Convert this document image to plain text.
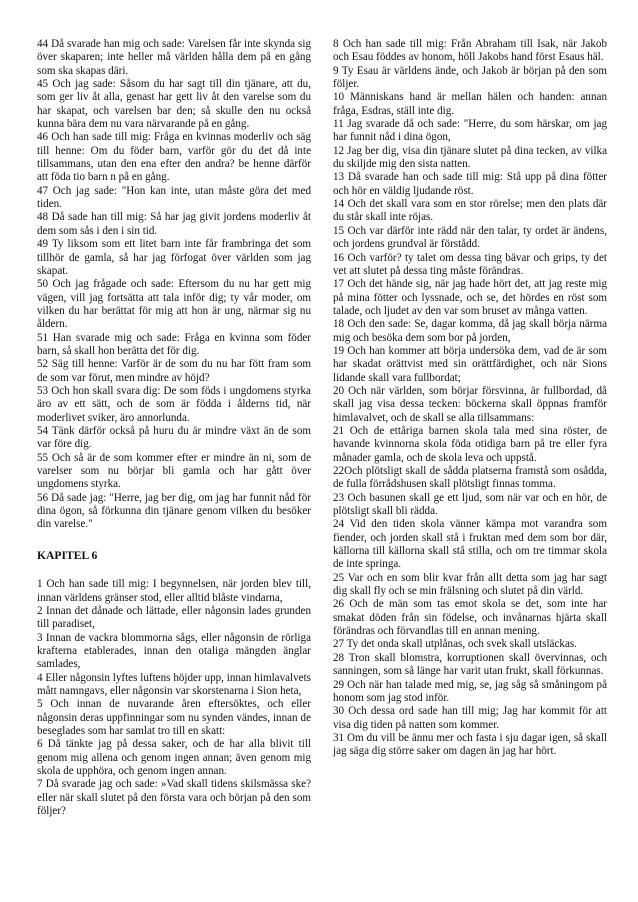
44 Då svarade han mig och sade: Varelsen får inte skynda sig över skaparen; inte heller må världen hålla dem på en gång som ska skapas däri.

45 Och jag sade: Såsom du har sagt till din tjänare, att du, som ger liv åt alla, genast har gett liv åt den varelse som du har skapat, och varelsen bar den; så skulle den nu också kunna bära dem nu vara närvarande på en gång.

46 Och han sade till mig: Fråga en kvinnas moderliv och säg till henne: Om du föder barn, varför gör du det då inte tillsammans, utan den ena efter den andra? be henne därför att föda tio barn n på en gång.

47 Och jag sade: "Hon kan inte, utan måste göra det med tiden.

48 Då sade han till mig: Så har jag givit jordens moderliv åt dem som sås i den i sin tid.

49 Ty liksom som ett litet barn inte får frambringa det som tillhör de gamla, så har jag förfogat över världen som jag skapat.

50 Och jag frågade och sade: Eftersom du nu har gett mig vägen, vill jag fortsätta att tala inför dig; ty vår moder, om vilken du har berättat för mig att hon är ung, närmar sig nu åldern.

51 Han svarade mig och sade: Fråga en kvinna som föder barn, så skall hon berätta det för dig.

52 Säg till henne: Varför är de som du nu har fött fram som de som var förut, men mindre av höjd?

53 Och hon skall svara dig: De som föds i ungdomens styrka äro av ett sätt, och de som är födda i ålderns tid, när moderlivet sviker, äro annorlunda.

54 Tänk därför också på huru du är mindre växt än de som var före dig.

55 Och så är de som kommer efter er mindre än ni, som de varelser som nu börjar bli gamla och har gått över ungdomens styrka.

56 Då sade jag: "Herre, jag ber dig, om jag har funnit nåd för dina ögon, så förkunna din tjänare genom vilken du besöker din varelse."

KAPITEL 6

1 Och han sade till mig: I begynnelsen, när jorden blev till, innan världens gränser stod, eller alltid blåste vindarna,

2 Innan det dånade och lättade, eller någonsin lades grunden till paradiset,

3 Innan de vackra blommorna sågs, eller någonsin de rörliga krafterna etablerades, innan den otaliga mängden änglar samlades,

4 Eller någonsin lyftes luftens höjder upp, innan himlavalvets mått namngavs, eller någonsin var skorstenarna i Sion heta,

5 Och innan de nuvarande åren eftersöktes, och eller någonsin deras uppfinningar som nu synden vändes, innan de beseglades som har samlat tro till en skatt:

6 Då tänkte jag på dessa saker, och de har alla blivit till genom mig allena och genom ingen annan; även genom mig skola de upphöra, och genom ingen annan.

7 Då svarade jag och sade: »Vad skall tidens skilsmässa ske? eller när skall slutet på den första vara och början på den som följer?

8 Och han sade till mig: Från Abraham till Isak, när Jakob och Esau föddes av honom, höll Jakobs hand först Esaus häl.

9 Ty Esau är världens ände, och Jakob är början på den som följer.

10 Människans hand är mellan hälen och handen: annan fråga, Esdras, ställ inte dig.

11 Jag svarade då och sade: "Herre, du som härskar, om jag har funnit nåd i dina ögon,

12 Jag ber dig, visa din tjänare slutet på dina tecken, av vilka du skiljde mig den sista natten.

13 Då svarade han och sade till mig: Stå upp på dina fötter och hör en väldig ljudande röst.

14 Och det skall vara som en stor rörelse; men den plats där du står skall inte röjas.

15 Och var därför inte rädd när den talar, ty ordet är ändens, och jordens grundval är förstådd.

16 Och varför? ty talet om dessa ting bävar och grips, ty det vet att slutet på dessa ting måste förändras.

17 Och det hände sig, när jag hade hört det, att jag reste mig på mina fötter och lyssnade, och se, det hördes en röst som talade, och ljudet av den var som bruset av många vatten.

18 Och den sade: Se, dagar komma, då jag skall börja närma mig och besöka dem som bor på jorden,

19 Och han kommer att börja undersöka dem, vad de är som har skadat orättvist med sin orättfärdighet, och när Sions lidande skall vara fullbordat;

20 Och när världen, som börjar försvinna, är fullbordad, då skall jag visa dessa tecken: böckerna skall öppnas framför himlavalvet, och de skall se alla tillsammans:

21 Och de ettåriga barnen skola tala med sina röster, de havande kvinnorna skola föda otidiga barn på tre eller fyra månader gamla, och de skola leva och uppstå.

22Och plötsligt skall de sådda platserna framstå som osådda, de fulla förrådshusen skall plötsligt finnas tomma.

23 Och basunen skall ge ett ljud, som när var och en hör, de plötsligt skall bli rädda.

24 Vid den tiden skola vänner kämpa mot varandra som fiender, och jorden skall stå i fruktan med dem som bor där, källorna till källorna skall stå stilla, och om tre timmar skola de inte springa.

25 Var och en som blir kvar från allt detta som jag har sagt dig skall fly och se min frälsning och slutet på din värld.

26 Och de män som tas emot skola se det, som inte har smakat döden från sin födelse, och invånarnas hjärta skall förändras och förvandlas till en annan mening.

27 Ty det onda skall utplånas, och svek skall utsläckas.

28 Tron skall blomstra, korruptionen skall övervinnas, och sanningen, som så länge har varit utan frukt, skall förkunnas.

29 Och när han talade med mig, se, jag såg så småningom på honom som jag stod inför.

30 Och dessa ord sade han till mig; Jag har kommit för att visa dig tiden på natten som kommer.

31 Om du vill be ännu mer och fasta i sju dagar igen, så skall jag säga dig större saker om dagen än jag har hört.
